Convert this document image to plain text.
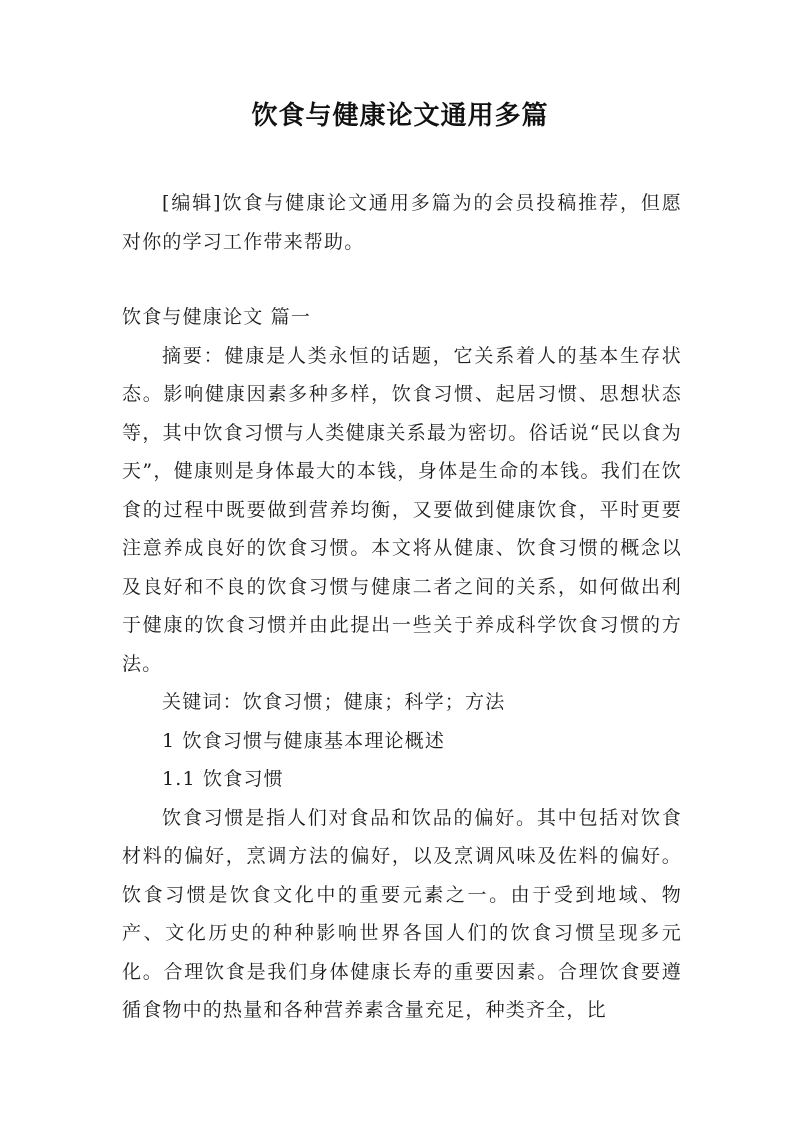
饮食与健康论文通用多篇

[编辑]饮食与健康论文通用多篇为的会员投稿推荐，但愿对你的学习工作带来帮助。

饮食与健康论文 篇一

摘要：健康是人类永恒的话题，它关系着人的基本生存状态。影响健康因素多种多样，饮食习惯、起居习惯、思想状态等，其中饮食习惯与人类健康关系最为密切。俗话说“民以食为天”，健康则是身体最大的本钱，身体是生命的本钱。我们在饮食的过程中既要做到营养均衡，又要做到健康饮食，平时更要注意养成良好的饮食习惯。本文将从健康、饮食习惯的概念以及良好和不良的饮食习惯与健康二者之间的关系，如何做出利于健康的饮食习惯并由此提出一些关于养成科学饮食习惯的方法。

关键词：饮食习惯；健康；科学；方法

1 饮食习惯与健康基本理论概述

1.1 饮食习惯

饮食习惯是指人们对食品和饮品的偏好。其中包括对饮食材料的偏好，烹调方法的偏好，以及烹调风味及佐料的偏好。饮食习惯是饮食文化中的重要元素之一。由于受到地域、物产、文化历史的种种影响世界各国人们的饮食习惯呈现多元化。合理饮食是我们身体健康长寿的重要因素。合理饮食要遵循食物中的热量和各种营养素含量充足，种类齐全，比
